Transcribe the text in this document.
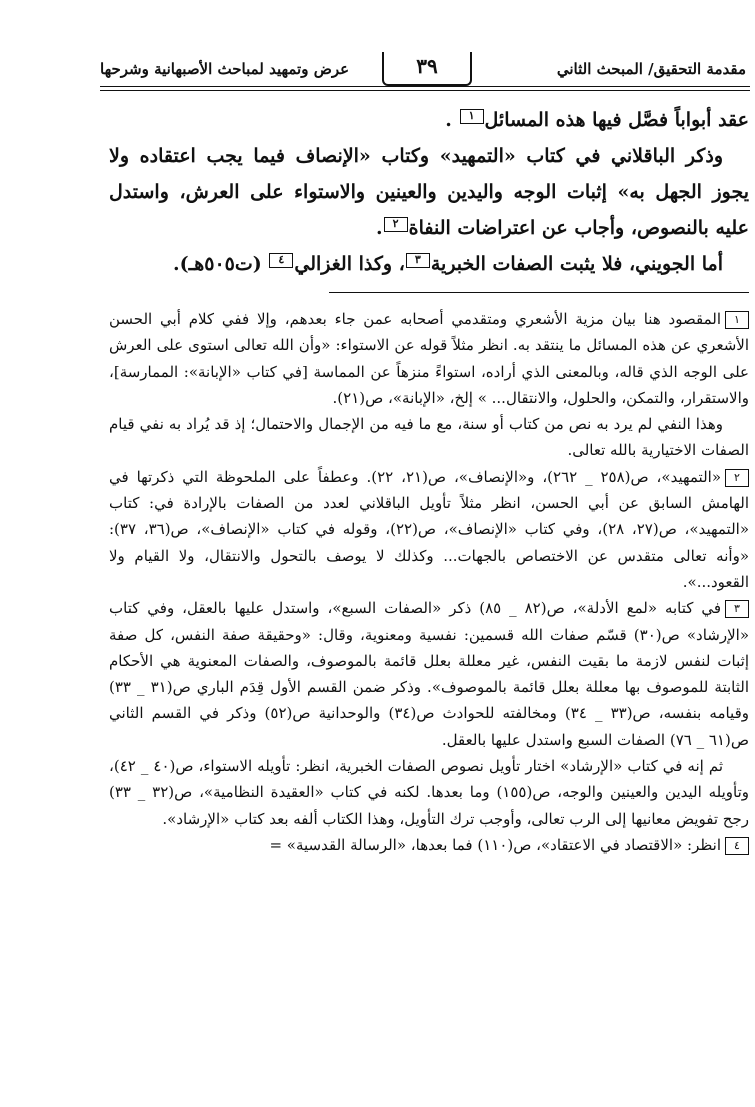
مقدمة التحقيق/ المبحث الثاني
٣٩
عرض وتمهيد لمباحث الأصبهانية وشرحها

عقد أبواباً فصَّل فيها هذه المسائل١ .

وذكر الباقلاني في كتاب «التمهيد» وكتاب «الإنصاف فيما يجب اعتقاده ولا يجوز الجهل به» إثبات الوجه واليدين والعينين والاستواء على العرش، واستدل عليه بالنصوص، وأجاب عن اعتراضات النفاة٢.

أما الجويني، فلا يثبت الصفات الخبرية٣، وكذا الغزالي٤ (ت٥٠٥هـ).

١المقصود هنا بيان مزية الأشعري ومتقدمي أصحابه عمن جاء بعدهم، وإلا ففي كلام أبي الحسن الأشعري عن هذه المسائل ما ينتقد به. انظر مثلاً قوله عن الاستواء: «وأن الله تعالى استوى على العرش على الوجه الذي قاله، وبالمعنى الذي أراده، استواءً منزهاً عن المماسة [في كتاب «الإبانة»: الممارسة]، والاستقرار، والتمكن، والحلول، والانتقال... » إلخ، «الإبانة»، ص(٢١).

وهذا النفي لم يرد به نص من كتاب أو سنة، مع ما فيه من الإجمال والاحتمال؛ إذ قد يُراد به نفي قيام الصفات الاختيارية بالله تعالى.

٢«التمهيد»، ص(٢٥٨ _ ٢٦٢)، و«الإنصاف»، ص(٢١، ٢٢). وعطفاً على الملحوظة التي ذكرتها في الهامش السابق عن أبي الحسن، انظر مثلاً تأويل الباقلاني لعدد من الصفات بالإرادة في: كتاب «التمهيد»، ص(٢٧، ٢٨)، وفي كتاب «الإنصاف»، ص(٢٢)، وقوله في كتاب «الإنصاف»، ص(٣٦، ٣٧): «وأنه تعالى متقدس عن الاختصاص بالجهات... وكذلك لا يوصف بالتحول والانتقال، ولا القيام ولا القعود...».

٣في كتابه «لمع الأدلة»، ص(٨٢ _ ٨٥) ذكر «الصفات السبع»، واستدل عليها بالعقل، وفي كتاب «الإرشاد» ص(٣٠) قسّم صفات الله قسمين: نفسية ومعنوية، وقال: «وحقيقة صفة النفس، كل صفة إثبات لنفس لازمة ما بقيت النفس، غير معللة بعلل قائمة بالموصوف، والصفات المعنوية هي الأحكام الثابتة للموصوف بها معللة بعلل قائمة بالموصوف». وذكر ضمن القسم الأول قِدَم الباري ص(٣١ _ ٣٣) وقيامه بنفسه، ص(٣٣ _ ٣٤) ومخالفته للحوادث ص(٣٤) والوحدانية ص(٥٢) وذكر في القسم الثاني ص(٦١ _ ٧٦) الصفات السبع واستدل عليها بالعقل.

ثم إنه في كتاب «الإرشاد» اختار تأويل نصوص الصفات الخبرية، انظر: تأويله الاستواء، ص(٤٠ _ ٤٢)، وتأويله اليدين والعينين والوجه، ص(١٥٥) وما بعدها. لكنه في كتاب «العقيدة النظامية»، ص(٣٢ _ ٣٣) رجح تفويض معانيها إلى الرب تعالى، وأوجب ترك التأويل، وهذا الكتاب ألفه بعد كتاب «الإرشاد».

٤انظر: «الاقتصاد في الاعتقاد»، ص(١١٠) فما بعدها، «الرسالة القدسية» =
